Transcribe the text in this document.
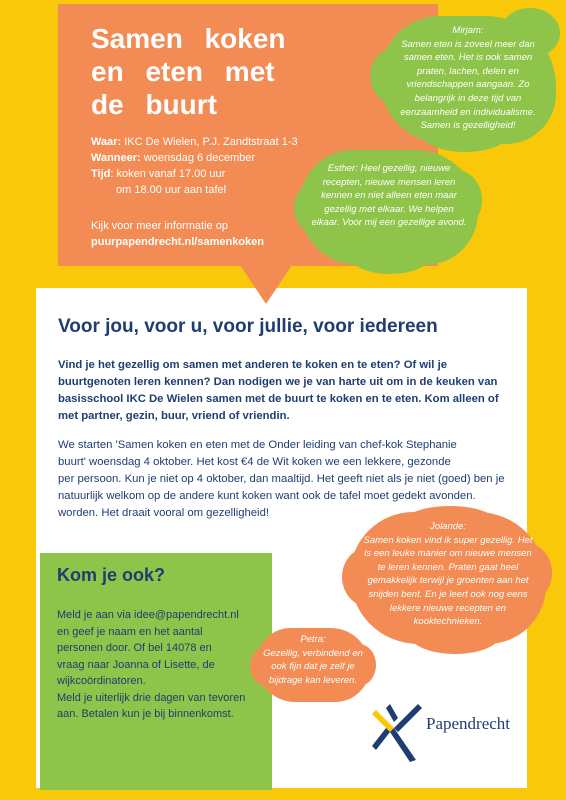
Samen koken en eten met de buurt
Waar: IKC De Wielen, P.J. Zandtstraat 1-3
Wanneer: woensdag 6 december
Tijd: koken vanaf 17.00 uur
om 18.00 uur aan tafel
Kijk voor meer informatie op
puurpapendrecht.nl/samenkoken
Mirjam:
Samen eten is zoveel meer dan samen eten. Het is ook samen praten, lachen, delen en vriendschappen aangaan. Zo belangrijk in deze tijd van eenzaamheid en individualisme. Samen is gezelligheid!
Esther: Heel gezellig, nieuwe recepten, nieuwe mensen leren kennen en niet alleen eten maar gezellig met elkaar. We helpen elkaar. Voor mij een gezellige avond.
Voor jou, voor u, voor jullie, voor iedereen
Vind je het gezellig om samen met anderen te koken en te eten? Of wil je buurtgenoten leren kennen? Dan nodigen we je van harte uit om in de keuken van basisschool IKC De Wielen samen met de buurt te koken en te eten. Kom alleen of met partner, gezin, buur, vriend of vriendin.
We starten 'Samen koken en eten met de Onder leiding van chef-kok Stephanie
buurt' woensdag 4 oktober. Het kost €4 de Wit koken we een lekkere, gezonde
per persoon. Kun je niet op 4 oktober, dan maaltijd. Het geeft niet als je niet (goed) ben je
natuurlijk welkom op de andere kunt koken want ook de tafel moet gedekt avonden.
worden. Het draait vooral om gezelligheid!
Kom je ook?
Meld je aan via idee@papendrecht.nl
en geef je naam en het aantal
personen door. Of bel 14078 en
vraag naar Joanna of Lisette, de
wijkcoördinatoren.
Meld je uiterlijk drie dagen van tevoren
aan. Betalen kun je bij binnenkomst.
Jolande:
Samen koken vind ik super gezellig. Het is een leuke manier om nieuwe mensen te leren kennen. Praten gaat heel gemakkelijk terwijl je groenten aan het snijden bent. En je leert ook nog eens lekkere nieuwe recepten en kooktechnieken.
Petra:
Gezellig, verbindend en ook fijn dat je zelf je bijdrage kan leveren.
Papendrecht
